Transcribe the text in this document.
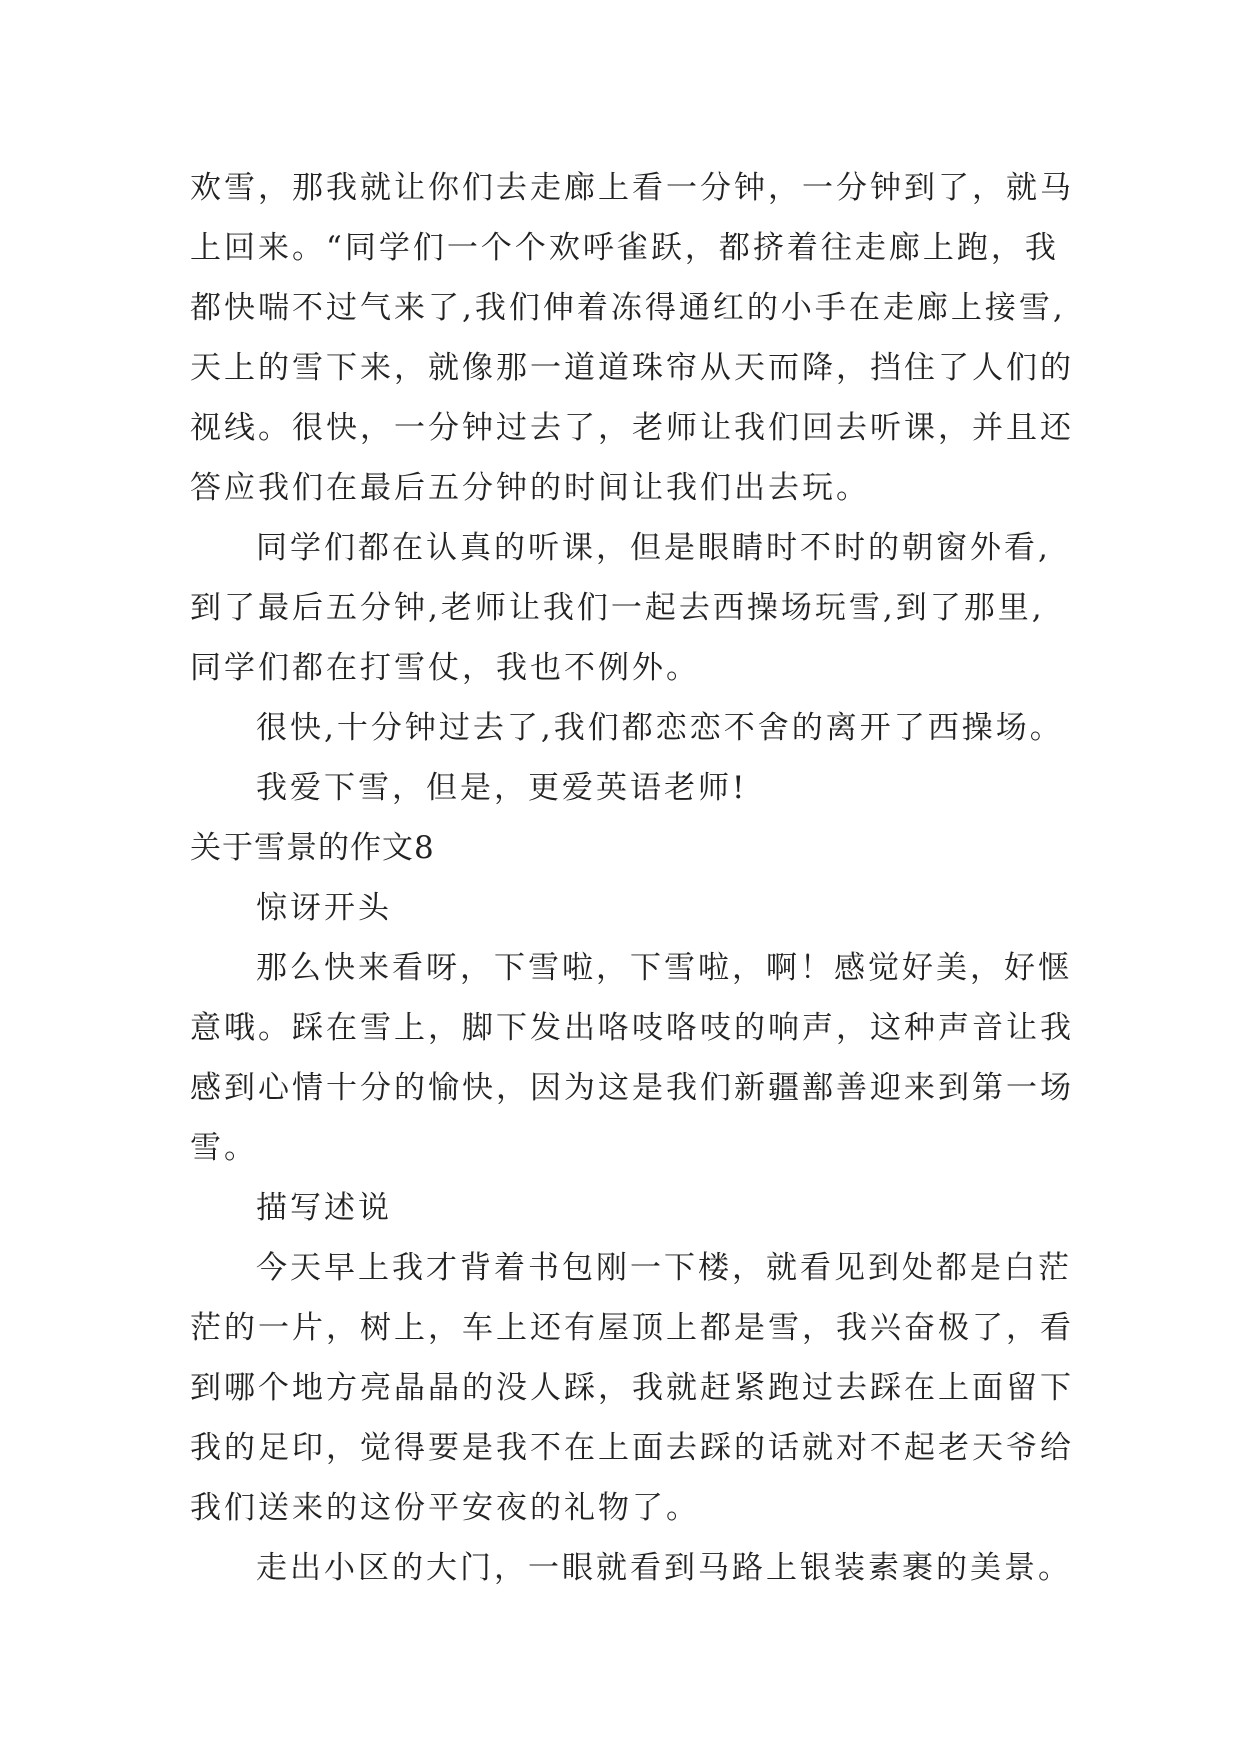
欢雪，那我就让你们去走廊上看一分钟，一分钟到了，就马
上回来。“同学们一个个欢呼雀跃，都挤着往走廊上跑，我
都快喘不过气来了,我们伸着冻得通红的小手在走廊上接雪,
天上的雪下来，就像那一道道珠帘从天而降，挡住了人们的
视线。很快，一分钟过去了，老师让我们回去听课，并且还
答应我们在最后五分钟的时间让我们出去玩。
同学们都在认真的听课，但是眼睛时不时的朝窗外看,
到了最后五分钟,老师让我们一起去西操场玩雪,到了那里,
同学们都在打雪仗，我也不例外。
很快,十分钟过去了,我们都恋恋不舍的离开了西操场。
我爱下雪，但是，更爱英语老师!
关于雪景的作文8
惊讶开头
那么快来看呀，下雪啦，下雪啦，啊！感觉好美，好惬
意哦。踩在雪上，脚下发出咯吱咯吱的响声，这种声音让我
感到心情十分的愉快，因为这是我们新疆鄯善迎来到第一场
雪。
描写述说
今天早上我才背着书包刚一下楼，就看见到处都是白茫
茫的一片，树上，车上还有屋顶上都是雪，我兴奋极了，看
到哪个地方亮晶晶的没人踩，我就赶紧跑过去踩在上面留下
我的足印，觉得要是我不在上面去踩的话就对不起老天爷给
我们送来的这份平安夜的礼物了。
走出小区的大门，一眼就看到马路上银装素裹的美景。
